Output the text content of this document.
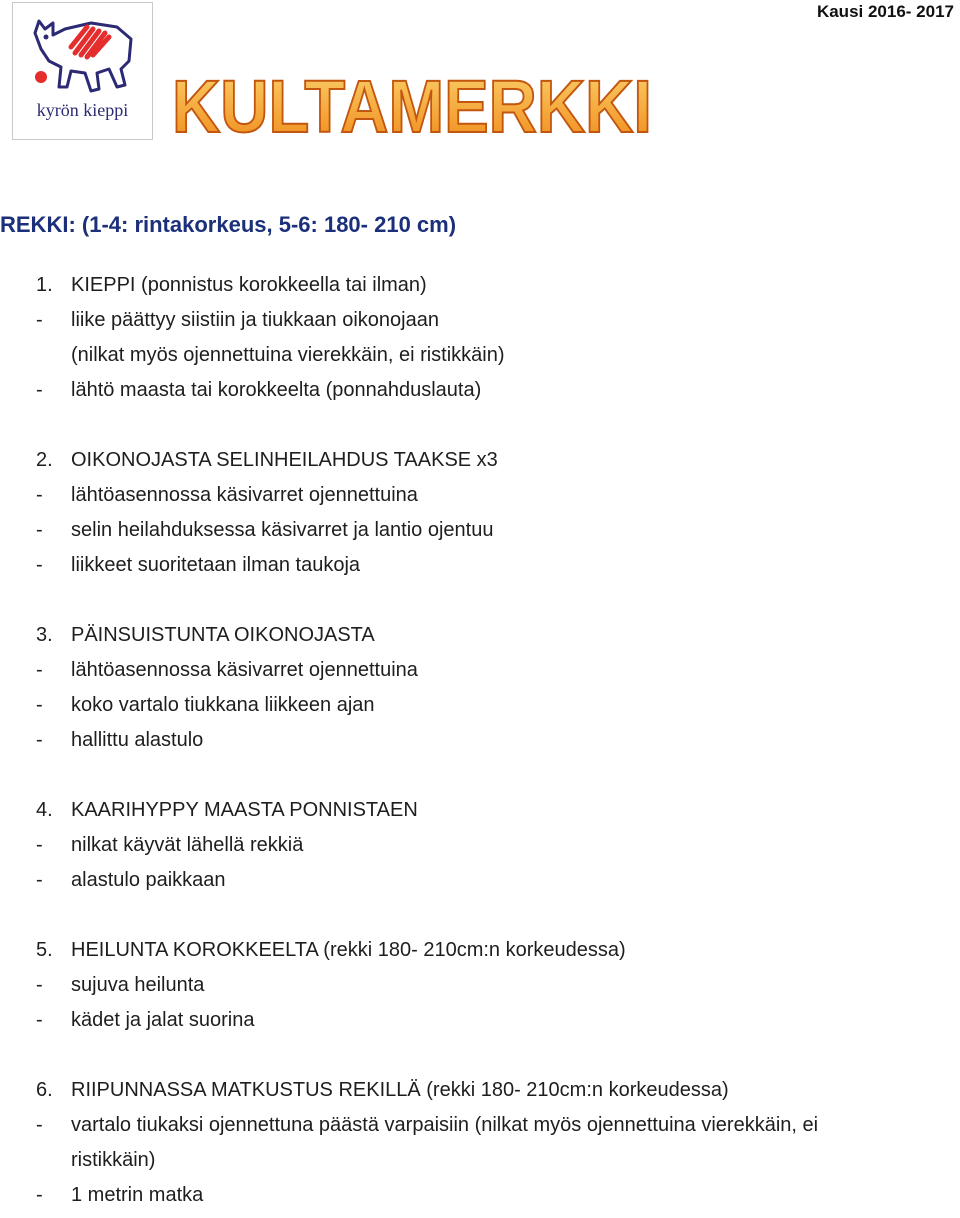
Kausi 2016- 2017
kyrön kieppi KULTAMERKKI
REKKI: (1-4: rintakorkeus, 5-6: 180- 210 cm)
1. KIEPPI (ponnistus korokkeella tai ilman)
- liike päättyy siistiin ja tiukkaan oikonojaan
(nilkat myös ojennettuina vierekkäin, ei ristikkäin)
- lähtö maasta tai korokkeelta (ponnahduslauta)
2. OIKONOJASTA SELINHEILAHDUS TAAKSE x3
- lähtöasennossa käsivarret ojennettuina
- selin heilahduksessa käsivarret ja lantio ojentuu
- liikkeet suoritetaan ilman taukoja
3. PÄINSUISTUNTA OIKONOJASTA
- lähtöasennossa käsivarret ojennettuina
- koko vartalo tiukkana liikkeen ajan
- hallittu alastulo
4. KAARIHYPPY MAASTA PONNISTAEN
- nilkat käyvät lähellä rekkiä
- alastulo paikkaan
5. HEILUNTA KOROKKEELTA (rekki 180- 210cm:n korkeudessa)
- sujuva heilunta
- kädet ja jalat suorina
6. RIIPUNNASSA MATKUSTUS REKILLÄ (rekki 180- 210cm:n korkeudessa)
- vartalo tiukaksi ojennettuna päästä varpaisiin (nilkat myös ojennettuina vierekkäin, ei
ristikkäin)
- 1 metrin matka
